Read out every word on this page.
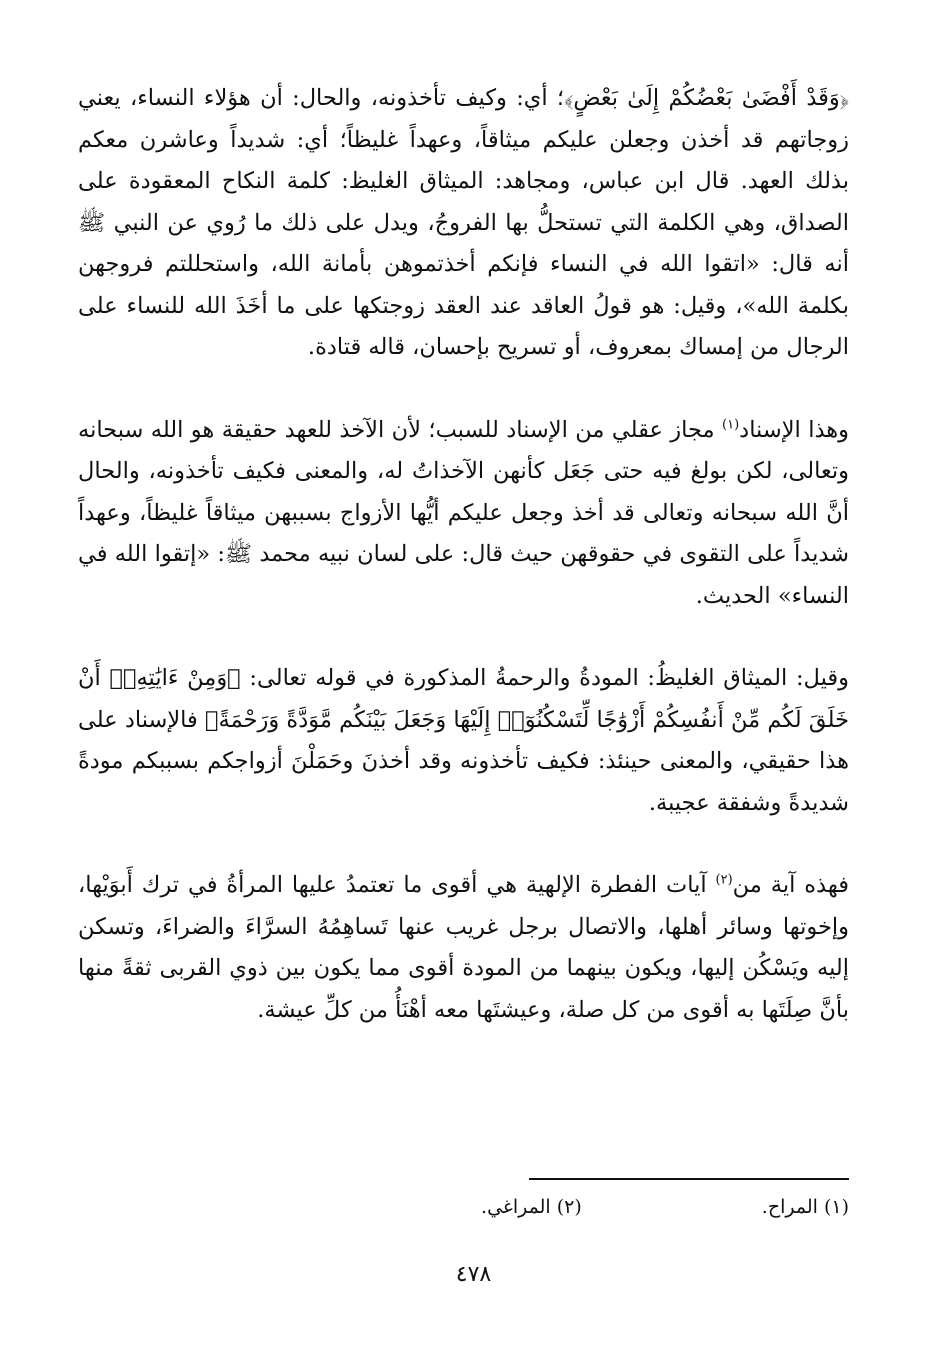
﴿وَقَدْ أَفْضَىٰ بَعْضُكُمْ إِلَىٰ بَعْضٍ﴾؛ أي: وكيف تأخذونه، والحال: أن هؤلاء النساء، يعني زوجاتهم قد أخذن وجعلن عليكم ميثاقاً، وعهداً غليظاً؛ أي: شديداً وعاشرن معكم بذلك العهد. قال ابن عباس، ومجاهد: الميثاق الغليظ: كلمة النكاح المعقودة على الصداق، وهي الكلمة التي تستحلُّ بها الفروجُ، ويدل على ذلك ما رُوي عن النبي ﷺ أنه قال: «اتقوا الله في النساء فإنكم أخذتموهن بأمانة الله، واستحللتم فروجهن بكلمة الله»، وقيل: هو قولُ العاقد عند العقد زوجتكها على ما أخَذَ الله للنساء على الرجال من إمساك بمعروف، أو تسريح بإحسان، قاله قتادة.

وهذا الإسناد$^{(١)}$ مجاز عقلي من الإسناد للسبب؛ لأن الآخذ للعهد حقيقة هو الله سبحانه وتعالى، لكن بولغ فيه حتى جَعَل كأنهن الآخذاتُ له، والمعنى فكيف تأخذونه، والحال أنَّ الله سبحانه وتعالى قد أخذ وجعل عليكم أيُّها الأزواج بسببهن ميثاقاً غليظاً، وعهداً شديداً على التقوى في حقوقهن حيث قال: على لسان نبيه محمد ﷺ: «إتقوا الله في النساء» الحديث.

وقيل: الميثاق الغليظُ: المودةُ والرحمةُ المذكورة في قوله تعالى: ﴿وَمِنْ ءَايَٰتِهِۦٓ أَنْ خَلَقَ لَكُم مِّنْ أَنفُسِكُمْ أَزْوَٰجًا لِّتَسْكُنُوٓا۟ إِلَيْهَا وَجَعَلَ بَيْنَكُم مَّوَدَّةً وَرَحْمَةً﴾ فالإسناد على هذا حقيقي، والمعنى حينئذ: فكيف تأخذونه وقد أخذنَ وحَمَلْنَ أزواجكم بسببكم مودةً شديدةً وشفقة عجيبة.

فهذه آية من$^{(٢)}$ آيات الفطرة الإلهية هي أقوى ما تعتمدُ عليها المرأةُ في ترك أَبوَيْها، وإخوتها وسائر أهلها، والاتصال برجل غريب عنها تَساهِمُهُ السرَّاءَ والضراءَ، وتسكن إليه ويَسْكُن إليها، ويكون بينهما من المودة أقوى مما يكون بين ذوي القربى ثقةً منها بأنَّ صِلَتَها به أقوى من كل صلة، وعيشتَها معه أهْنَأُ من كلِّ عيشة.

(١) المراح.
(٢) المراغي.
٤٧٨
